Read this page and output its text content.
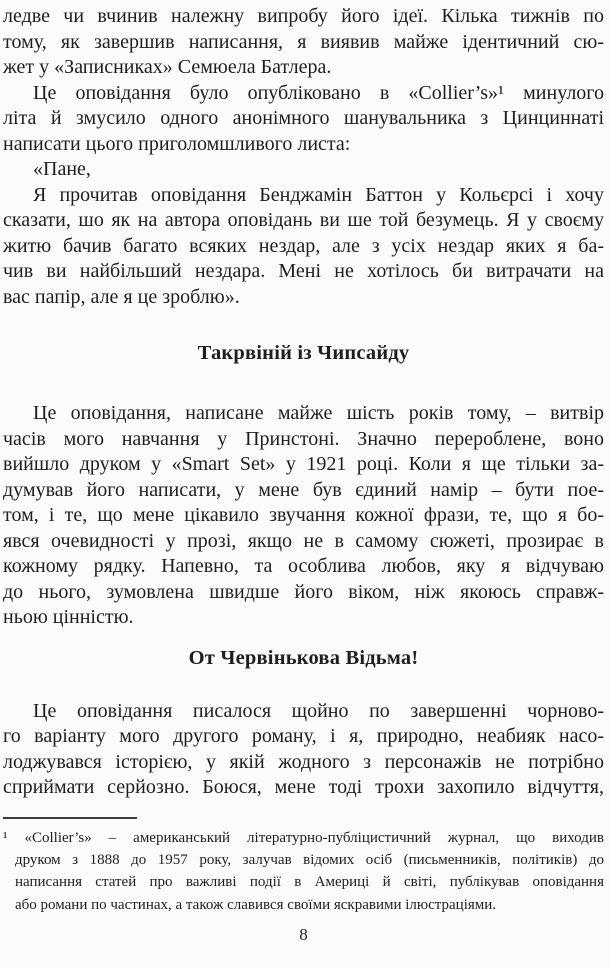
ледве чи вчинив належну випробу його ідеї. Кілька тижнів по
тому, як завершив написання, я виявив майже ідентичний сю-
жет у «Записниках» Семюела Батлера.
Це оповідання було опубліковано в «Collier’s»¹ минулого
літа й змусило одного анонімного шанувальника з Цинциннаті
написати цього приголомшливого листа:
«Пане,
Я прочитав оповідання Бенджамін Баттон у Кольєрсі і хочу
сказати, шо як на автора оповідань ви ше той безумець. Я у своєму
житю бачив багато всяких нездар, але з усіх нездар яких я ба-
чив ви найбільший нездара. Мені не хотілось би витрачати на
вас папір, але я це зроблю».
Такрвіній із Чипсайду
Це оповідання, написане майже шість років тому, – витвір
часів мого навчання у Принстоні. Значно перероблене, воно
вийшло друком у «Smart Set» у 1921 році. Коли я ще тільки за-
думував його написати, у мене був єдиний намір – бути пое-
том, і те, що мене цікавило звучання кожної фрази, те, що я бо-
явся очевидності у прозі, якщо не в самому сюжеті, прозирає в
кожному рядку. Напевно, та особлива любов, яку я відчуваю
до нього, зумовлена швидше його віком, ніж якоюсь справж-
ньою цінністю.
От Червінькова Відьма!
Це оповідання писалося щойно по завершенні чорново-
го варіанту мого другого роману, і я, природно, неабияк насо-
лоджувався історією, у якій жодного з персонажів не потрібно
сприймати серйозно. Боюся, мене тоді трохи захопило відчуття,
¹ «Collier’s» – американський літературно-публіцистичний журнал, що виходив
друком з 1888 до 1957 року, залучав відомих осіб (письменників, політиків) до
написання статей про важливі події в Америці й світі, публікував оповідання
або романи по частинах, а також славився своїми яскравими ілюстраціями.
8
